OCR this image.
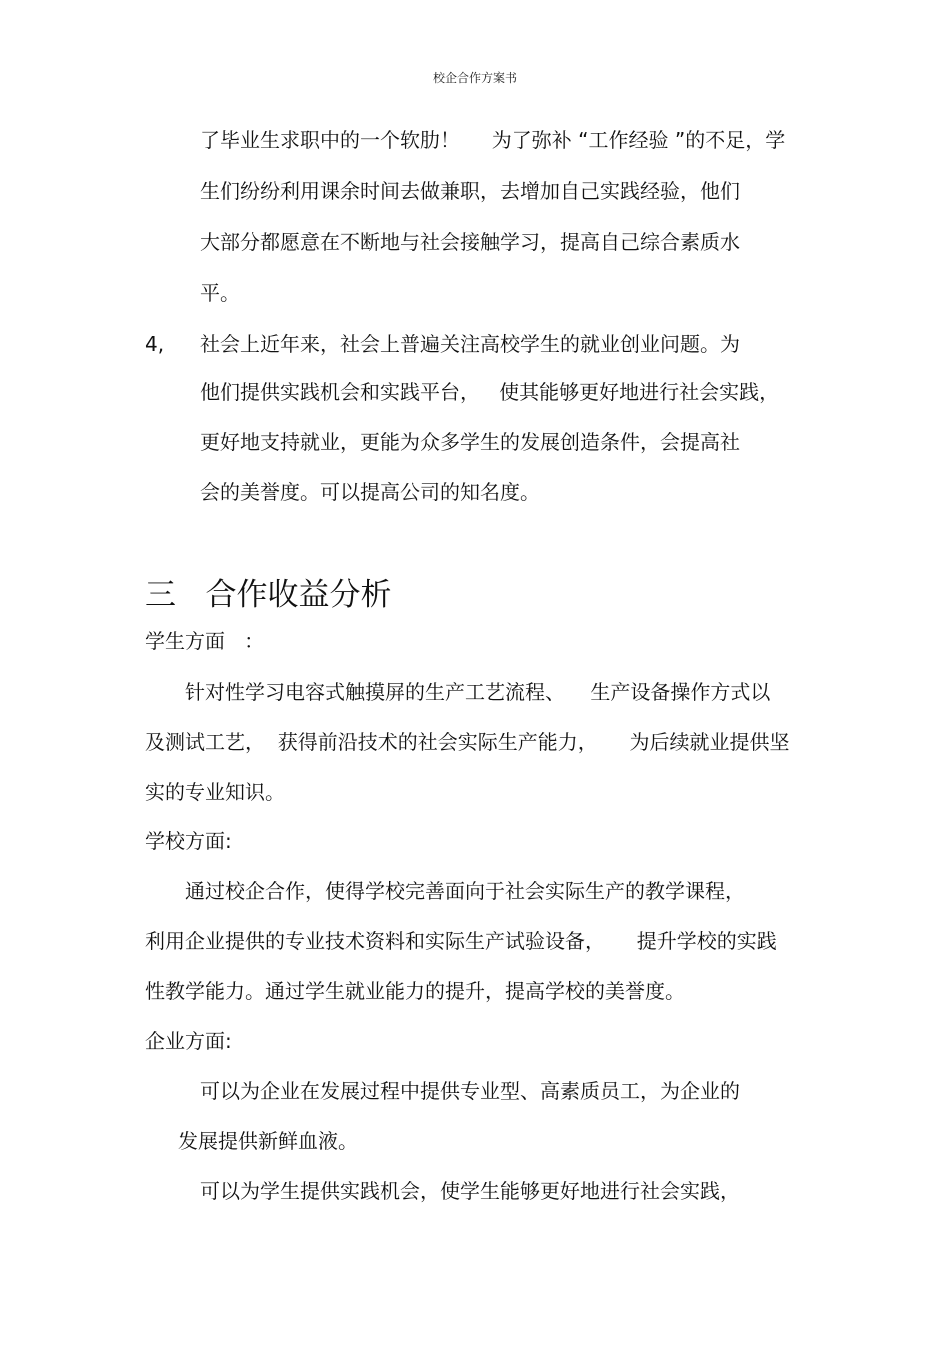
校企合作方案书
了毕业生求职中的一个软肋！     为了弥补 “工作经验 ”的不足，学
生们纷纷利用课余时间去做兼职，去增加自己实践经验，他们
大部分都愿意在不断地与社会接触学习，提高自己综合素质水
平。
4, 社会上近年来，社会上普遍关注高校学生的就业创业问题。为
他们提供实践机会和实践平台，   使其能够更好地进行社会实践，
更好地支持就业，更能为众多学生的发展创造条件，会提高社
会的美誉度。可以提高公司的知名度。
三   合作收益分析
学生方面   ：
针对性学习电容式触摸屏的生产工艺流程、    生产设备操作方式以
及测试工艺，  获得前沿技术的社会实际生产能力，     为后续就业提供坚
实的专业知识。
学校方面:
通过校企合作，使得学校完善面向于社会实际生产的教学课程，
利用企业提供的专业技术资料和实际生产试验设备，     提升学校的实践
性教学能力。通过学生就业能力的提升，提高学校的美誉度。
企业方面:
可以为企业在发展过程中提供专业型、高素质员工，为企业的
发展提供新鲜血液。
可以为学生提供实践机会，使学生能够更好地进行社会实践，
